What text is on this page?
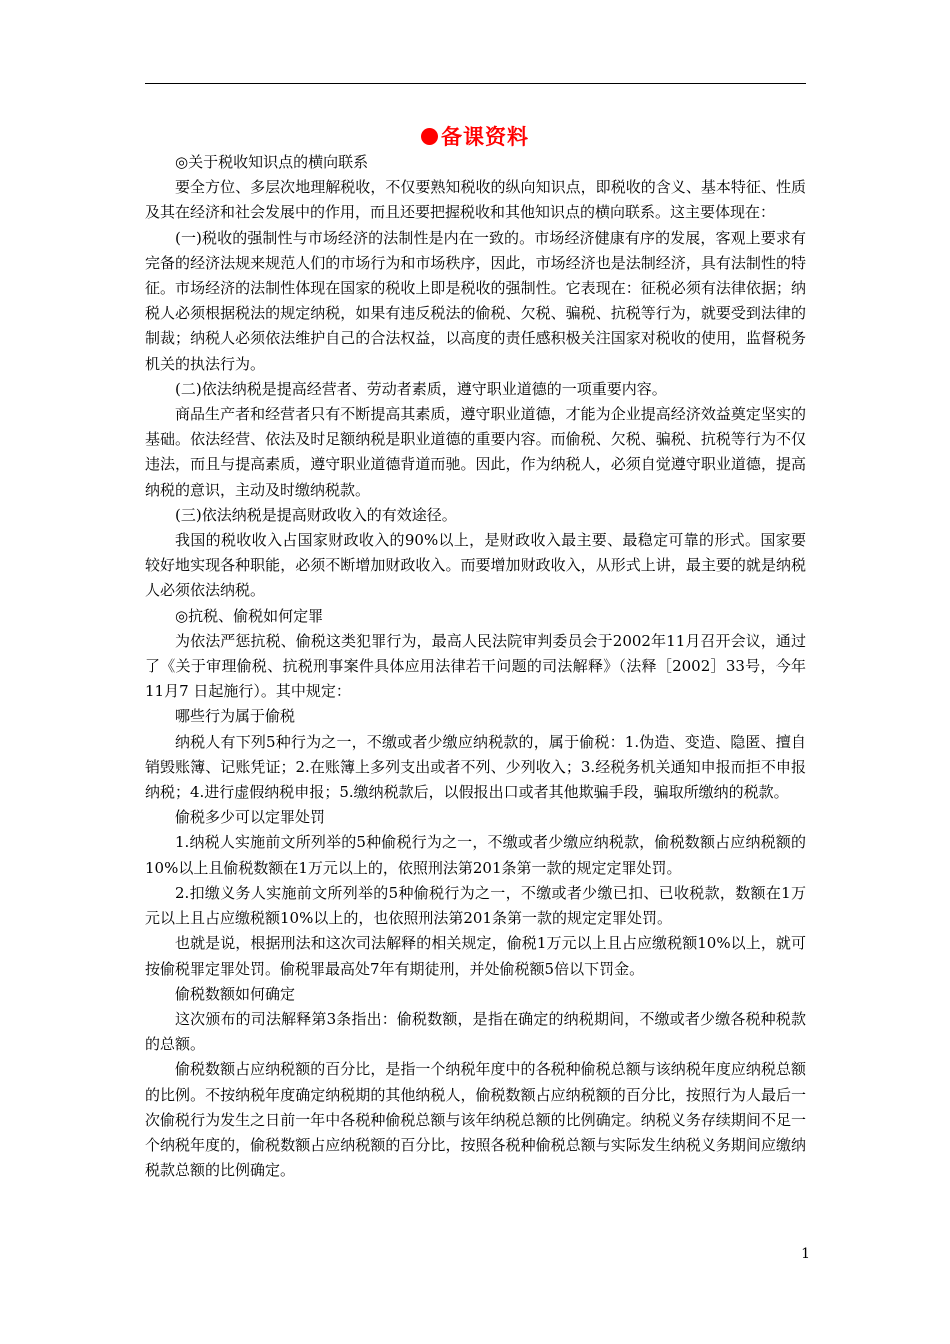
备课资料

◎关于税收知识点的横向联系

要全方位、多层次地理解税收，不仅要熟知税收的纵向知识点，即税收的含义、基本特征、性质及其在经济和社会发展中的作用，而且还要把握税收和其他知识点的横向联系。这主要体现在：

(一)税收的强制性与市场经济的法制性是内在一致的。市场经济健康有序的发展，客观上要求有完备的经济法规来规范人们的市场行为和市场秩序，因此，市场经济也是法制经济，具有法制性的特征。市场经济的法制性体现在国家的税收上即是税收的强制性。它表现在：征税必须有法律依据；纳税人必须根据税法的规定纳税，如果有违反税法的偷税、欠税、骗税、抗税等行为，就要受到法律的制裁；纳税人必须依法维护自己的合法权益，以高度的责任感积极关注国家对税收的使用，监督税务机关的执法行为。

(二)依法纳税是提高经营者、劳动者素质，遵守职业道德的一项重要内容。

商品生产者和经营者只有不断提高其素质，遵守职业道德，才能为企业提高经济效益奠定坚实的基础。依法经营、依法及时足额纳税是职业道德的重要内容。而偷税、欠税、骗税、抗税等行为不仅违法，而且与提高素质，遵守职业道德背道而驰。因此，作为纳税人，必须自觉遵守职业道德，提高纳税的意识，主动及时缴纳税款。

(三)依法纳税是提高财政收入的有效途径。

我国的税收收入占国家财政收入的90%以上，是财政收入最主要、最稳定可靠的形式。国家要较好地实现各种职能，必须不断增加财政收入。而要增加财政收入，从形式上讲，最主要的就是纳税人必须依法纳税。

◎抗税、偷税如何定罪

为依法严惩抗税、偷税这类犯罪行为，最高人民法院审判委员会于2002年11月召开会议，通过了《关于审理偷税、抗税刑事案件具体应用法律若干问题的司法解释》（法释［2002］33号，今年11月7 日起施行）。其中规定：

哪些行为属于偷税

纳税人有下列5种行为之一，不缴或者少缴应纳税款的，属于偷税：1.伪造、变造、隐匿、擅自销毁账簿、记账凭证；2.在账簿上多列支出或者不列、少列收入；3.经税务机关通知申报而拒不申报纳税；4.进行虚假纳税申报；5.缴纳税款后，以假报出口或者其他欺骗手段，骗取所缴纳的税款。

偷税多少可以定罪处罚

1.纳税人实施前文所列举的5种偷税行为之一，不缴或者少缴应纳税款，偷税数额占应纳税额的10%以上且偷税数额在1万元以上的，依照刑法第201条第一款的规定定罪处罚。

2.扣缴义务人实施前文所列举的5种偷税行为之一，不缴或者少缴已扣、已收税款，数额在1万元以上且占应缴税额10%以上的，也依照刑法第201条第一款的规定定罪处罚。

也就是说，根据刑法和这次司法解释的相关规定，偷税1万元以上且占应缴税额10%以上，就可按偷税罪定罪处罚。偷税罪最高处7年有期徒刑，并处偷税额5倍以下罚金。

偷税数额如何确定

这次颁布的司法解释第3条指出：偷税数额，是指在确定的纳税期间，不缴或者少缴各税种税款的总额。

偷税数额占应纳税额的百分比，是指一个纳税年度中的各税种偷税总额与该纳税年度应纳税总额的比例。不按纳税年度确定纳税期的其他纳税人，偷税数额占应纳税额的百分比，按照行为人最后一次偷税行为发生之日前一年中各税种偷税总额与该年纳税总额的比例确定。纳税义务存续期间不足一个纳税年度的，偷税数额占应纳税额的百分比，按照各税种偷税总额与实际发生纳税义务期间应缴纳税款总额的比例确定。

1
